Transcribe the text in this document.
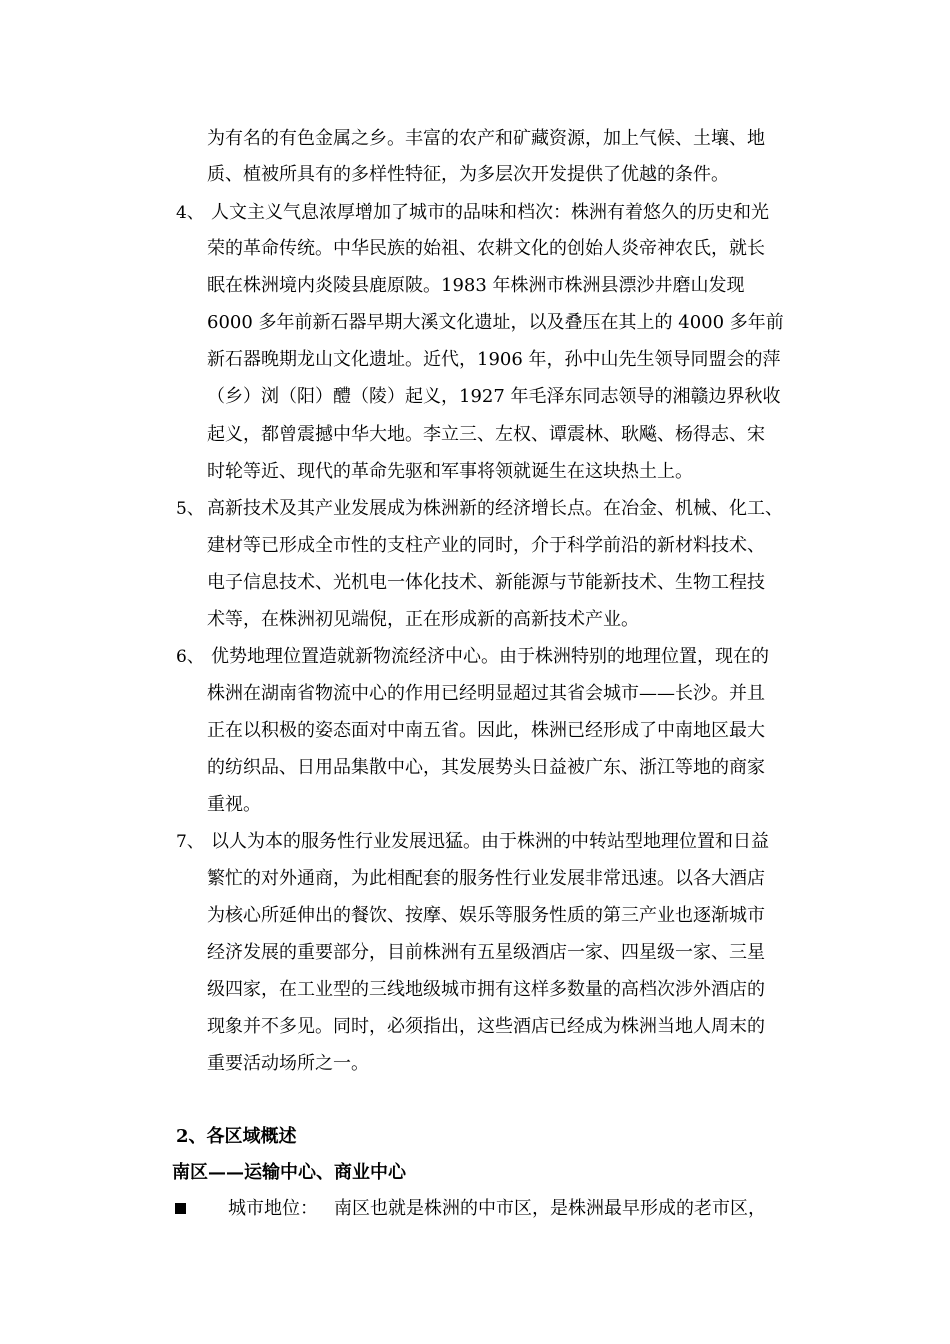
为有名的有色金属之乡。丰富的农产和矿藏资源，加上气候、土壤、地
质、植被所具有的多样性特征，为多层次开发提供了优越的条件。
4、 人文主义气息浓厚增加了城市的品味和档次：株洲有着悠久的历史和光
荣的革命传统。中华民族的始祖、农耕文化的创始人炎帝神农氏，就长
眠在株洲境内炎陵县鹿原陂。1983 年株洲市株洲县漂沙井磨山发现
6000 多年前新石器早期大溪文化遗址，以及叠压在其上的 4000 多年前
新石器晚期龙山文化遗址。近代，1906 年，孙中山先生领导同盟会的萍
（乡）浏（阳）醴（陵）起义，1927 年毛泽东同志领导的湘赣边界秋收
起义，都曾震撼中华大地。李立三、左权、谭震林、耿飚、杨得志、宋
时轮等近、现代的革命先驱和军事将领就诞生在这块热土上。
5、 高新技术及其产业发展成为株洲新的经济增长点。在冶金、机械、化工、
建材等已形成全市性的支柱产业的同时，介于科学前沿的新材料技术、
电子信息技术、光机电一体化技术、新能源与节能新技术、生物工程技
术等，在株洲初见端倪，正在形成新的高新技术产业。
6、 优势地理位置造就新物流经济中心。由于株洲特别的地理位置，现在的
株洲在湖南省物流中心的作用已经明显超过其省会城市——长沙。并且
正在以积极的姿态面对中南五省。因此，株洲已经形成了中南地区最大
的纺织品、日用品集散中心，其发展势头日益被广东、浙江等地的商家
重视。
7、 以人为本的服务性行业发展迅猛。由于株洲的中转站型地理位置和日益
繁忙的对外通商，为此相配套的服务性行业发展非常迅速。以各大酒店
为核心所延伸出的餐饮、按摩、娱乐等服务性质的第三产业也逐渐城市
经济发展的重要部分，目前株洲有五星级酒店一家、四星级一家、三星
级四家，在工业型的三线地级城市拥有这样多数量的高档次涉外酒店的
现象并不多见。同时，必须指出，这些酒店已经成为株洲当地人周末的
重要活动场所之一。
2、各区域概述
南区——运输中心、商业中心
城市地位： 南区也就是株洲的中市区，是株洲最早形成的老市区，
